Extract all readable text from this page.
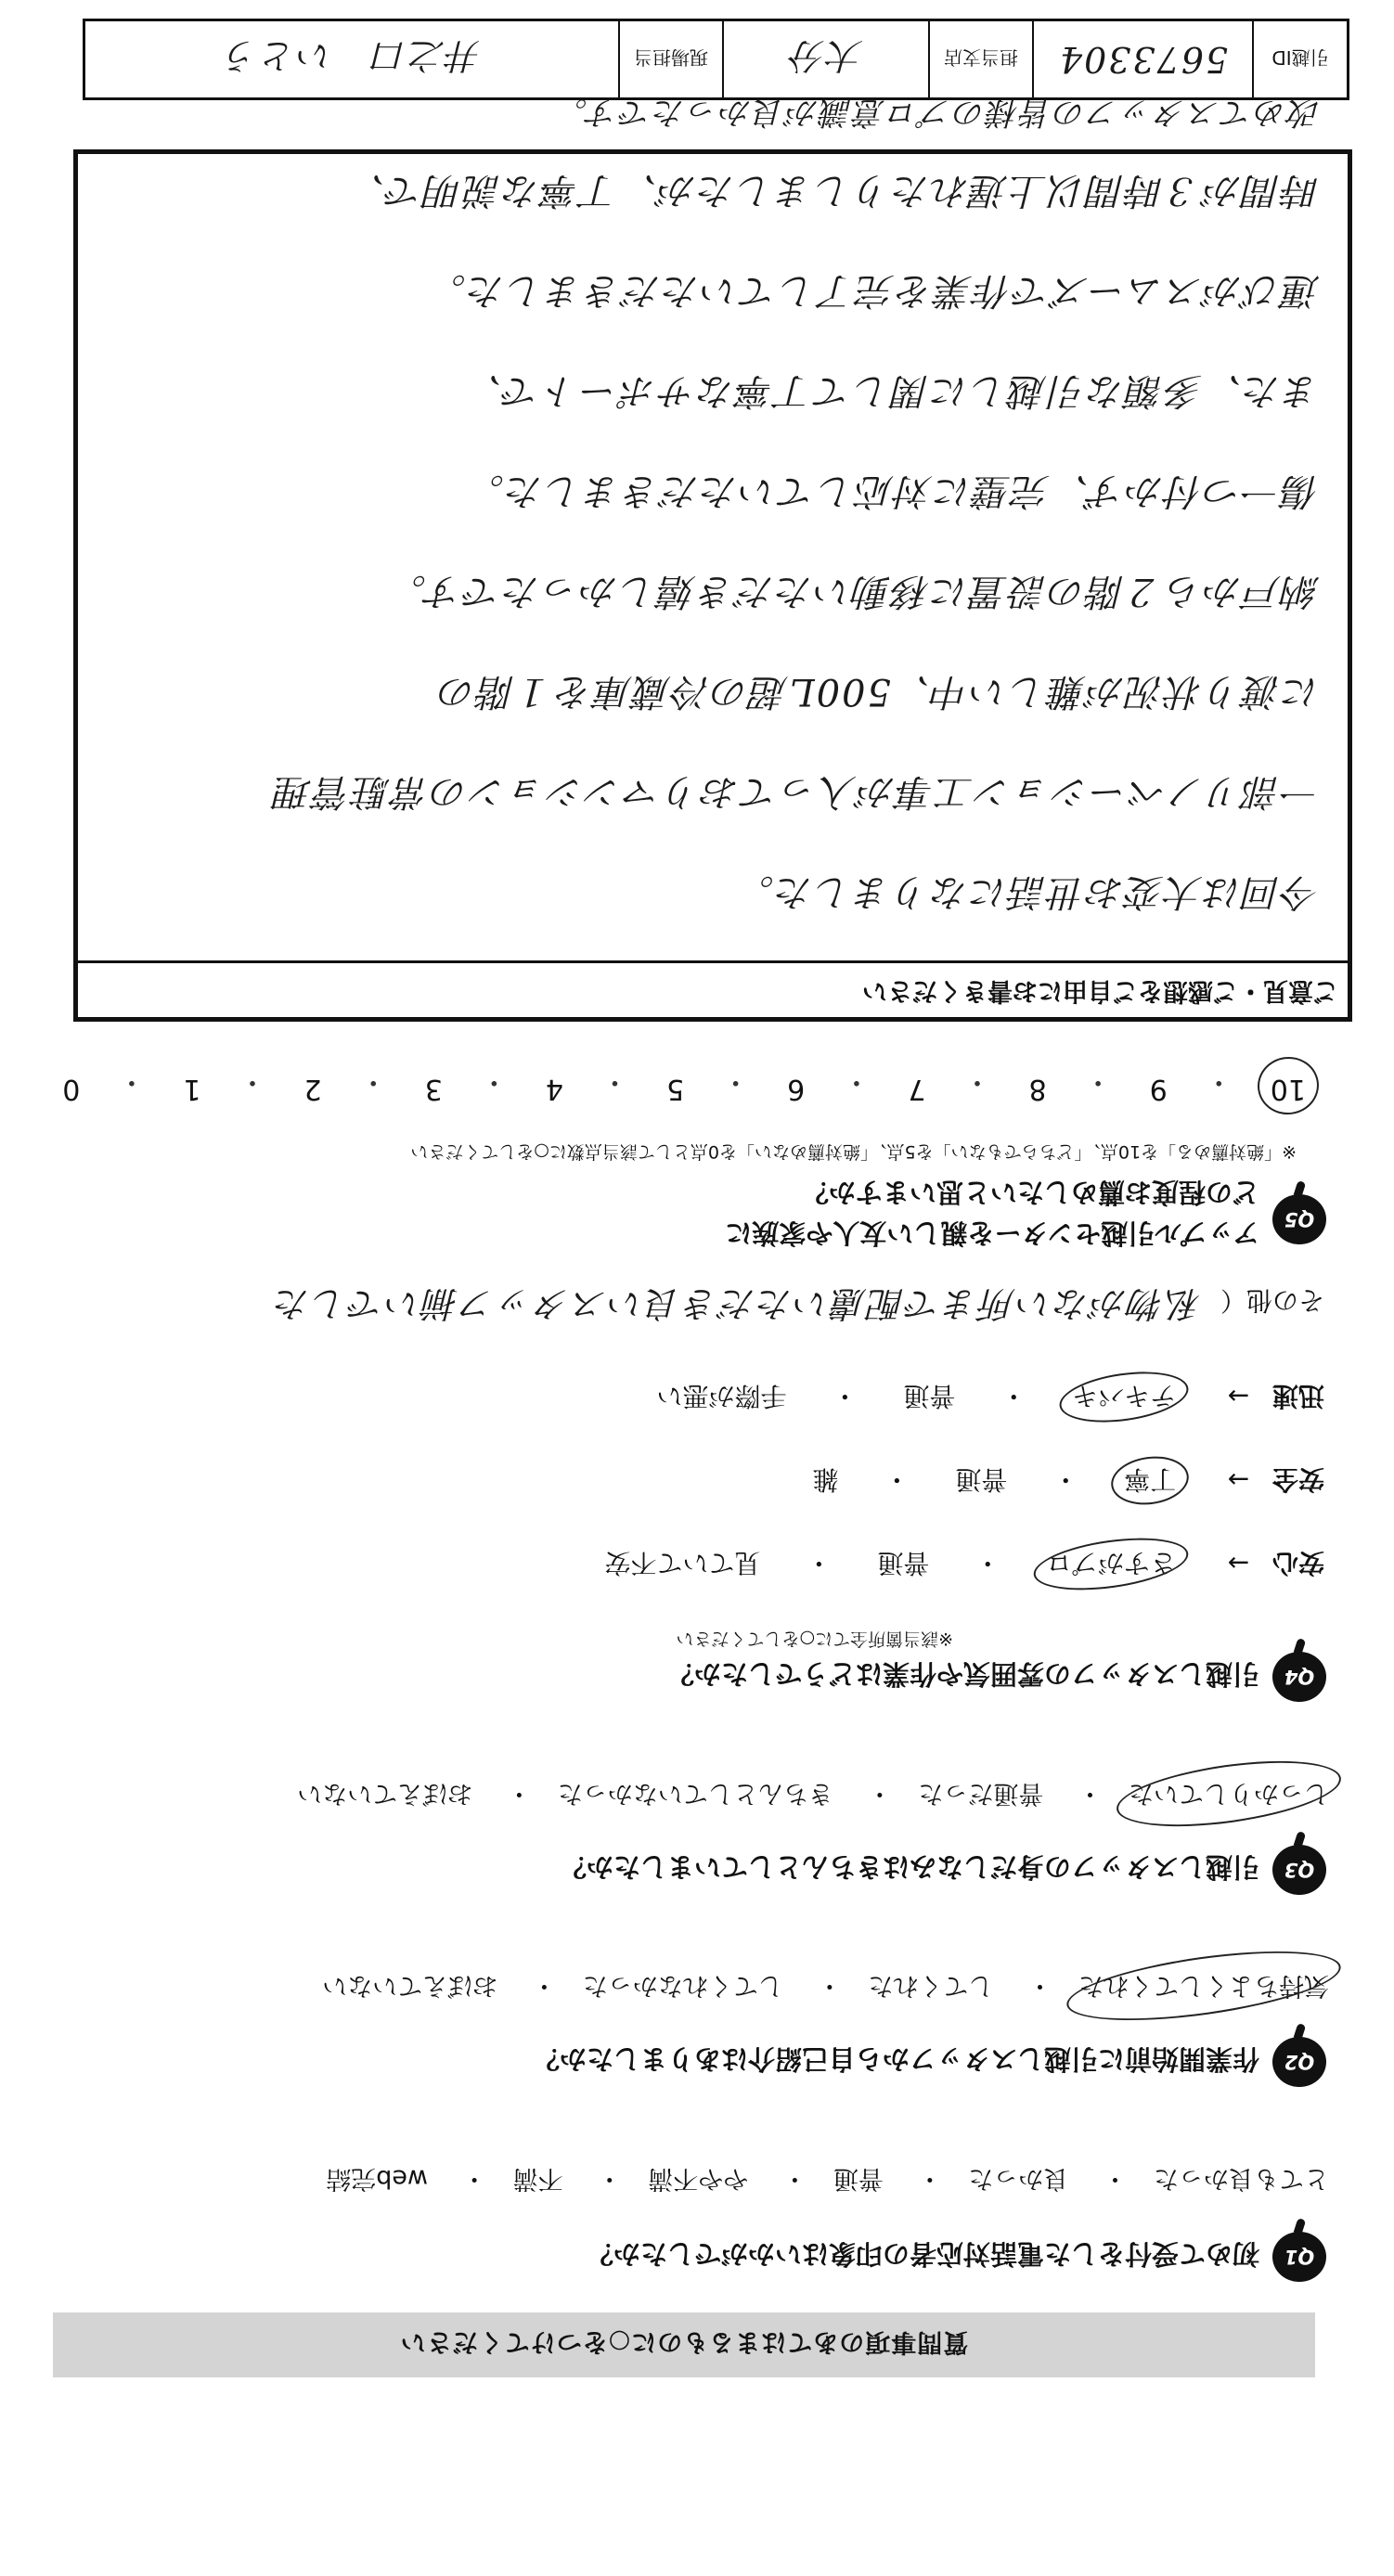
質問事項のあてはまるものに○をつけてください
Q1
初めて受付をした電話対応者の印象はいかがでしたか？
とても良かった・ 良かった・ 普通・ やや不満・ 不満・ web完結
Q2
作業開始前に引越しスタッフから自己紹介はありましたか？
気持ちよくしてくれた・ してくれた・ してくれなかった・ おぼえていない
Q3
引越しスタッフの身だしなみはきちんとしていましたか？
しっかりしていた・ 普通だった・ きちんとしていなかった・ おぼえていない
Q4
引越しスタッフの雰囲気や作業はどうでしたか？
※該当箇所全てに○をしてください
安心 → さすがプロ ・ 普通 ・ 見ていて不安
安全 → 丁寧 ・ 普通 ・ 雑
迅速 → テキパキ ・ 普通 ・ 手際が悪い
その他（ 私物がない所まで配慮いただき良いスタッフ揃いでした
Q5
アップル引越センターを親しい友人や家族に
どの程度お薦めしたいと思いますか？
※「絶対薦める」を10点、「どちらでもない」を5点、「絶対薦めない」を0点として該当点数に○をしてください
10
・
9
・
8
・
7
・
6
・
5
・
4
・
3
・
2
・
1
・
0
ご意見・ご感想をご自由にお書きください
今回は大変お世話になりました。
一部リノベーション工事が入っておりマンションの常駐管理
に渡り状況が難しい中、500L超の冷蔵庫を１階の
納戸から２階の設置に移動いただき嬉しかったです。
傷一つ付かず、完璧に対応していただきました。
また、多額な引越しに関して丁寧なサポートで、
運びがスムーズで作業を完了していただきました。
時間が３時間以上遅れたりしましたが、丁寧な説明で、
改めてスタッフの皆様のプロ意識が良かったです。
引越ID
5673304
担当支店
大分
現場担当
井之口　いとう
